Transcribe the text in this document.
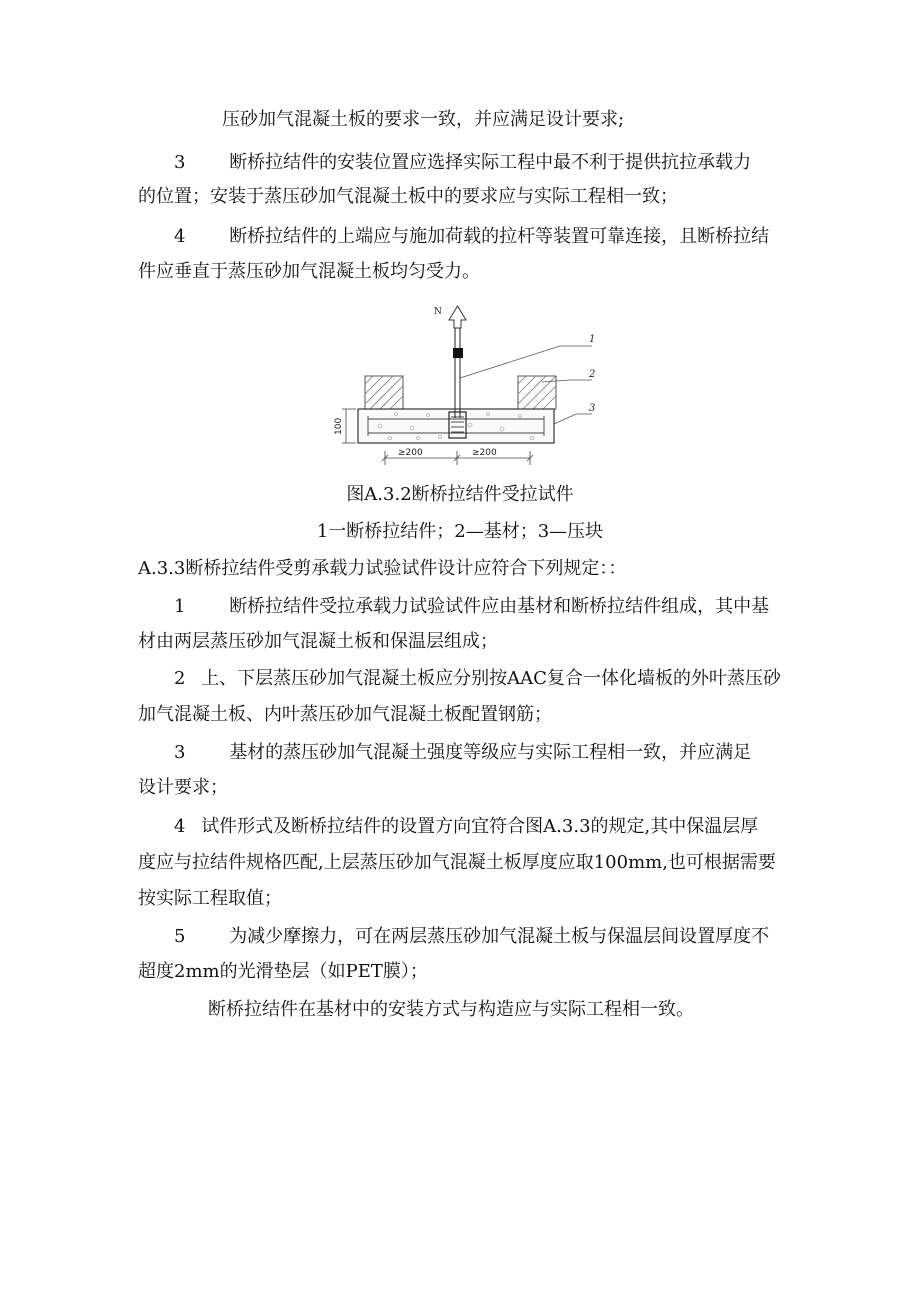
压砂加气混凝土板的要求一致，并应满足设计要求;
3 断桥拉结件的安装位置应选择实际工程中最不利于提供抗拉承载力
的位置；安装于蒸压砂加气混凝土板中的要求应与实际工程相一致；
4 断桥拉结件的上端应与施加荷载的拉杆等装置可靠连接，且断桥拉结
件应垂直于蒸压砂加气混凝土板均匀受力。
N
1
2
3
100
≥200	≥200
图A.3.2断桥拉结件受拉试件
1一断桥拉结件；2—基材；3—压块
A.3.3断桥拉结件受剪承载力试验试件设计应符合下列规定：：
1 断桥拉结件受拉承载力试验试件应由基材和断桥拉结件组成，其中基
材由两层蒸压砂加气混凝土板和保温层组成；
2 上、下层蒸压砂加气混凝土板应分别按AAC复合一体化墙板的外叶蒸压砂
加气混凝土板、内叶蒸压砂加气混凝土板配置钢筋；
3 基材的蒸压砂加气混凝土强度等级应与实际工程相一致，并应满足
设计要求；
4 试件形式及断桥拉结件的设置方向宜符合图A.3.3的规定,其中保温层厚
度应与拉结件规格匹配,上层蒸压砂加气混凝土板厚度应取100mm,也可根据需要
按实际工程取值；
5 为减少摩擦力，可在两层蒸压砂加气混凝土板与保温层间设置厚度不
超度2mm的光滑垫层（如PET膜）；
断桥拉结件在基材中的安装方式与构造应与实际工程相一致。
